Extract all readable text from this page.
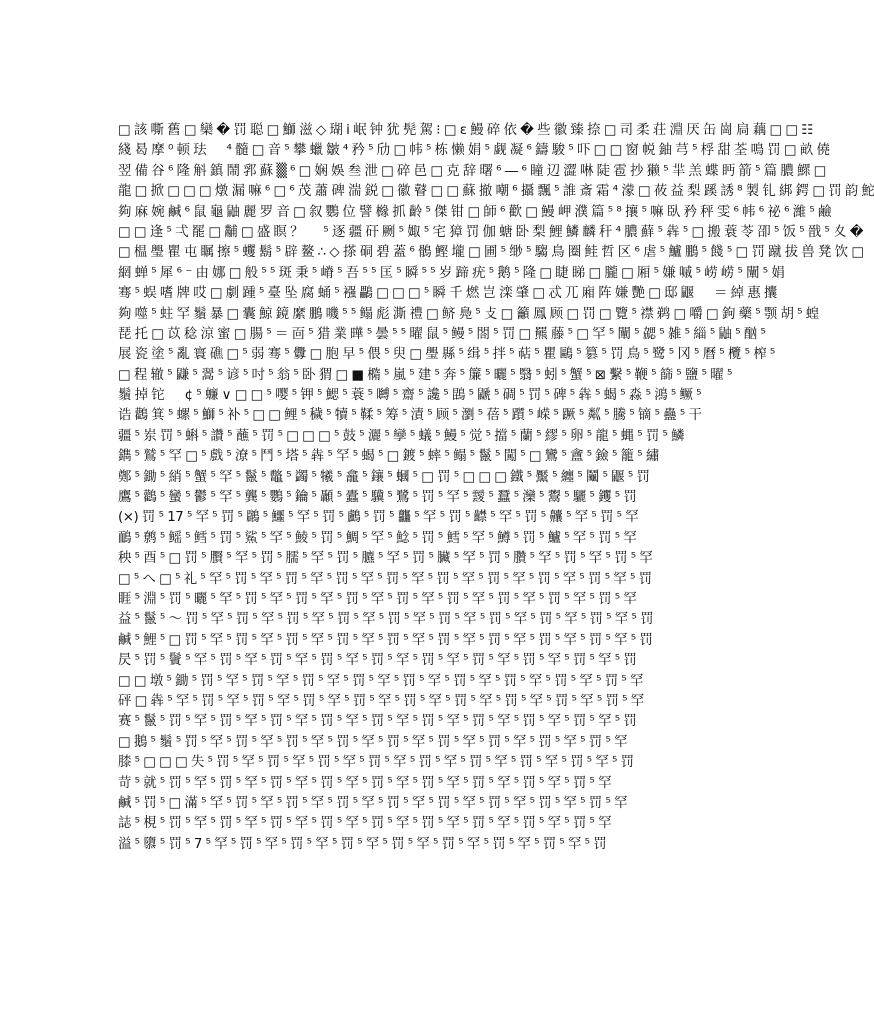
□ 該 嘶 舊 □ 欒 � 罚 聪 □ 鰤 滋 ◇ 瑚 ⅰ 岷 钟 犹 髡 駕 ⁝ □ ε 鰻 碎 依 � 些 徽 臻 捺 □ 司 柔 荘 淵 厌 缶 崗 扃 藕 □ □ ☷
綫 曷 摩 ⁰ 顿 珐 　 ⁴ 髓 □ 音 ⁵ 攀 蠟 皺 ⁴ 矜 ⁵ 劤 □ 帏 ⁵ 栋 懒 娟 ⁵ 觑 凝 ⁶ 鑄 駿 ⁵ 吓 □ □ 窗 帨 鈾 芎 ⁵ 桴 甜 荃 鳴 罚 □ 畝 僥
翌 備 谷 ⁶ 隆 斛 鎮 鬧 郛 蘇 ▒ ⁶ □ 娴 娛 叁 泄 □ 碎 邑 □ 克 辞 曙 ⁶ ― ⁶ 瞳 辺 澀 啉 陡 雹 抄 獭 ⁵ 羋 羔 蝶 眄 箭 ⁵ 篇 膿 鰥 □
龍 □ 掀 □ □ □ 燉 漏 嘛 ⁶ □ ⁶ 茂 蕭 碑 湍 鋭 □ 徽 瞽 □ □ 蘇 撤 嘲 ⁶ 攝 飄 ⁵ 誰 斎 霜 ⁴ 濛 □ 莜 益 梨 蹊 誘 ⁸ 製 钆 綁 鍔 □ 罚 韵 鮀
夠 麻 婉 鹹 ⁶ 鼠 龜 鼬 麗 罗 音 □ 叙 鸚 位 譬 櫞 抓 齡 ⁵ 傑 钳 □ 師 ⁶ 歡 □ 鰻 岬 濮 篇 ⁵ ⁸ 攘 ⁵ 嘛 臥 矜 秤 雯 ⁶ 帏 ⁶ 祕 ⁶ 濰 ⁵ 鹼
□ □ 逢 ⁵ 弌 罷 □ 黼 □ 盛 瞑 ？ 　 ⁵ 逐 疆 矸 劂 ⁵ 娵 ⁵ 宅 獐 罚 伽 螗 卧 梨 鯉 鱗 麟 秆 ⁴ 膿 蘚 ⁵ 犇 ⁵ □ 搬 蓑 苓 卲 ⁵ 饭 ⁵ 戩 ⁵ 夊 �
□ 榅 璺 瞿 屯 瞩 擦 ⁵ 蠼 鬍 ⁵ 辟 鳌 ∴ ◇ 搽 硐 碧 蓋 ⁶ 鶻 鰹 壠 □ 圃 ⁵ 缈 ⁵ 騶 鳥 圈 鲑 哲 区 ⁶ 虐 ⁵ 鱸 鵬 ⁵ 餞 ⁵ □ 罚 蹴 拔 兽 凳 饮 □
網 蝉 ⁵ 犀 ⁶ ⁻ 由 娜 □ 般 ⁵ ⁵ 斑 秉 ⁵ 嵴 ⁵ 吾 ⁵ ⁵ 匡 ⁵ 瞬 ⁵ ⁵ 岁 蹄 疣 ⁵ 鹅 ⁵ 隆 □ 睫 睇 □ 朧 □ 厢 ⁵ 嫌 嘁 ⁵ 崂 崂 ⁵ 闡 ⁵ 娟
骞 ⁵ 蜈 嗜 牌 哎 □ 劇 踵 ⁵ 臺 坠 腐 蛹 ⁵ 襁 鸓 □ □ □ ⁵ 瞬 千 燃 岂 滦 肇 □ 忒 兀 廂 阵 嫌 艷 □ 邸 鼴 　 ＝ 綽 惠 攮
夠 噬 ⁵ 蛀 罕 鬚 暴 □ 囊 鯨 鏡 縻 鵬 嘰 ⁵ ⁵ 鳎 彪 澌 禮 □ 鲚 鳧 ⁵ 攴 □ 籲 鳳 顾 □ 罚 □ 覽 ⁵ 襟 鹈 □ 嚼 □ 鉤 藥 ⁵ 颚 胡 ⁵ 蝗
琵 托 □ 苡 稔 涼 蜜 □ 腸 ⁵ ＝ 靣 ⁵ 猎 業 曄 ⁵ 曇 ⁵ ⁵ 曜 鼠 ⁵ 鳗 ⁵ 閤 ⁵ 罚 □ 羆 藤 ⁵ □ 罕 ⁵ 闡 ⁵ 勰 ⁵ 雑 ⁵ 緇 ⁵ 鼬 ⁵ 酗 ⁵
展 瓷 塗 ⁵ 亂 寰 礁 □ ⁵ 弱 骞 ⁵ 釁 □ 胞 早 ⁵ 偎 ⁵ 臾 □ 璺 縣 ⁵ 缉 ⁵ 拌 ⁵ 萜 ⁵ 瞿 鷗 ⁵ 篡 ⁵ 罚 鳥 ⁵ 鹭 ⁵ 冈 ⁵ 曆 ⁵ 欖 ⁵ 榨 ⁵
□ 程 辙 ⁵ 鼸 ⁵ 翯 ⁵ 谚 ⁵ 吋 ⁵ 翁 ⁵ 卧 猬 □ ■ 橢 ⁵ 嵐 ⁵ 建 ⁵ 奔 ⁵ 簾 ⁵ 曬 ⁵ 翳 ⁵ 蚓 ⁵ 蟹 ⁵ ⊠ 繫 ⁵ 鞭 ⁵ 篩 ⁵ 鹽 ⁵ 曜 ⁵
鬚 掉 铊 　 ¢ ⁵ 蠊 ∨ □ □ ⁵ 嘤 ⁵ 钾 ⁵ 鰓 ⁵ 蓑 ⁵ 嚩 ⁵ 齋 ⁵ 讒 ⁵ 鵾 ⁵ 鼶 ⁵ 碉 ⁵ 罚 ⁵ 碑 ⁵ 犇 ⁵ 蝎 ⁵ 淼 ⁵ 鴻 ⁵ 鳜 ⁵
诰 鸛 箕 ⁵ 螺 ⁵ 鰤 ⁵ 补 ⁵ □ □ 鲤 ⁵ 穢 ⁵ 犢 ⁵ 鞣 ⁵ 筹 ⁵ 漬 ⁵ 顾 ⁵ 瀏 ⁵ 蓓 ⁵ 躓 ⁵ 嵘 ⁵ 蹶 ⁵ 粼 ⁵ 騰 ⁵ 镝 ⁵ 蠱 ⁵ 干
疆 ⁵ 岽 罚 ⁵ 蝌 ⁵ 讚 ⁵ 蘸 ⁵ 罚 ⁵ □ □ □ ⁵ 鼓 ⁵ 灑 ⁵ 孿 ⁵ 蟻 ⁵ 鰻 ⁵ 觉 ⁵ 擋 ⁵ 蘭 ⁵ 繆 ⁵ 卵 ⁵ 龍 ⁵ 蝿 ⁵ 罚 ⁵ 鱗
鐫 ⁵ 鷲 ⁵ 罕 □ ⁵ 戲 ⁵ 潦 ⁵ 鬥 ⁵ 塔 ⁵ 犇 ⁵ 罕 ⁵ 蝎 ⁵ □ 鍍 ⁵ 蟀 ⁵ 鳎 ⁵ 鬣 ⁵ 闖 ⁵ □ 鸞 ⁵ 盦 ⁵ 鐱 ⁵ 籠 ⁵ 繡
鄭 ⁵ 鋤 ⁵ 綃 ⁵ 蟹 ⁵ 罕 ⁵ 鬣 ⁵ 鼈 ⁵ 蠲 ⁵ 犧 ⁵ 龕 ⁵ 鑲 ⁵ 蟈 ⁵ □ 罚 ⁵ □ □ □ 鐵 ⁵ 黶 ⁵ 纏 ⁵ 鬮 ⁵ 鼴 ⁵ 罚
鷹 ⁵ 鸛 ⁵ 蠻 ⁵ 鬱 ⁵ 罕 ⁵ 龔 ⁵ 鸚 ⁵ 鑰 ⁵ 顳 ⁵ 蠹 ⁵ 驥 ⁵ 鷺 ⁵ 罚 ⁵ 罕 ⁵ 靉 ⁵ 蠶 ⁵ 灤 ⁵ 鬻 ⁵ 驪 ⁵ 钁 ⁵ 罚
(×) 罚 ⁵ 17 ⁵ 罕 ⁵ 罚 ⁵ 鸊 ⁵ 鱷 ⁵ 罕 ⁵ 罚 ⁵ 鸕 ⁵ 罚 ⁵ 龘 ⁵ 罕 ⁵ 罚 ⁵ 齽 ⁵ 罕 ⁵ 罚 ⁵ 齉 ⁵ 罕 ⁵ 罚 ⁵ 罕
鴯 ⁵ 鹩 ⁵ 鳐 ⁵ 鳕 ⁵ 罚 ⁵ 鯊 ⁵ 罕 ⁵ 鯪 ⁵ 罚 ⁵ 鯛 ⁵ 罕 ⁵ 鯰 ⁵ 罚 ⁵ 鱈 ⁵ 罕 ⁵ 鱒 ⁵ 罚 ⁵ 鱸 ⁵ 罕 ⁵ 罚 ⁵ 罕
秧 ⁵ 酉 ⁵ □ 罚 ⁵ 臔 ⁵ 罕 ⁵ 罚 ⁵ 臑 ⁵ 罕 ⁵ 罚 ⁵ 臕 ⁵ 罕 ⁵ 罚 ⁵ 臟 ⁵ 罕 ⁵ 罚 ⁵ 臢 ⁵ 罕 ⁵ 罚 ⁵ 罕 ⁵ 罚 ⁵ 罕
□ ⁵ へ □ ⁵ 礼 ⁵ 罕 ⁵ 罚 ⁵ 罕 ⁵ 罚 ⁵ 罕 ⁵ 罚 ⁵ 罕 ⁵ 罚 ⁵ 罕 ⁵ 罚 ⁵ 罕 ⁵ 罚 ⁵ 罕 ⁵ 罚 ⁵ 罕 ⁵ 罚 ⁵ 罕 ⁵ 罚
睚 ⁵ 淵 ⁵ 罚 ⁵ 曬 ⁵ 罕 ⁵ 罚 ⁵ 罕 ⁵ 罚 ⁵ 罕 ⁵ 罚 ⁵ 罕 ⁵ 罚 ⁵ 罕 ⁵ 罚 ⁵ 罕 ⁵ 罚 ⁵ 罕 ⁵ 罚 ⁵ 罕 ⁵ 罚 ⁵ 罕
益 ⁵ 鬣 ⁵ ～ 罚 ⁵ 罕 ⁵ 罚 ⁵ 罕 ⁵ 罚 ⁵ 罕 ⁵ 罚 ⁵ 罕 ⁵ 罚 ⁵ 罕 ⁵ 罚 ⁵ 罕 ⁵ 罚 ⁵ 罕 ⁵ 罚 ⁵ 罕 ⁵ 罚 ⁵ 罕 ⁵ 罚
鹹 ⁵ 鯉 ⁵ □ 罚 ⁵ 罕 ⁵ 罚 ⁵ 罕 ⁵ 罚 ⁵ 罕 ⁵ 罚 ⁵ 罕 ⁵ 罚 ⁵ 罕 ⁵ 罚 ⁵ 罕 ⁵ 罚 ⁵ 罕 ⁵ 罚 ⁵ 罕 ⁵ 罚 ⁵ 罕 ⁵ 罚
昃 ⁵ 罚 ⁵ 鬢 ⁵ 罕 ⁵ 罚 ⁵ 罕 ⁵ 罚 ⁵ 罕 ⁵ 罚 ⁵ 罕 ⁵ 罚 ⁵ 罕 ⁵ 罚 ⁵ 罕 ⁵ 罚 ⁵ 罕 ⁵ 罚 ⁵ 罕 ⁵ 罚 ⁵ 罕 ⁵ 罚
□ □ 墩 ⁵ 鋤 ⁵ 罚 ⁵ 罕 ⁵ 罚 ⁵ 罕 ⁵ 罚 ⁵ 罕 ⁵ 罚 ⁵ 罕 ⁵ 罚 ⁵ 罕 ⁵ 罚 ⁵ 罕 ⁵ 罚 ⁵ 罕 ⁵ 罚 ⁵ 罕 ⁵ 罚 ⁵ 罕
砰 □ 犇 ⁵ 罕 ⁵ 罚 ⁵ 罕 ⁵ 罚 ⁵ 罕 ⁵ 罚 ⁵ 罕 ⁵ 罚 ⁵ 罕 ⁵ 罚 ⁵ 罕 ⁵ 罚 ⁵ 罕 ⁵ 罚 ⁵ 罕 ⁵ 罚 ⁵ 罕 ⁵ 罚 ⁵ 罕
赛 ⁵ 鬣 ⁵ 罚 ⁵ 罕 ⁵ 罚 ⁵ 罕 ⁵ 罚 ⁵ 罕 ⁵ 罚 ⁵ 罕 ⁵ 罚 ⁵ 罕 ⁵ 罚 ⁵ 罕 ⁵ 罚 ⁵ 罕 ⁵ 罚 ⁵ 罕 ⁵ 罚 ⁵ 罕 ⁵ 罚
□ 鵝 ⁵ 鬚 ⁵ 罚 ⁵ 罕 ⁵ 罚 ⁵ 罕 ⁵ 罚 ⁵ 罕 ⁵ 罚 ⁵ 罕 ⁵ 罚 ⁵ 罕 ⁵ 罚 ⁵ 罕 ⁵ 罚 ⁵ 罕 ⁵ 罚 ⁵ 罕 ⁵ 罚 ⁵ 罕
膝 ⁵ □ □ □ 失 ⁵ 罚 ⁵ 罕 ⁵ 罚 ⁵ 罕 ⁵ 罚 ⁵ 罕 ⁵ 罚 ⁵ 罕 ⁵ 罚 ⁵ 罕 ⁵ 罚 ⁵ 罕 ⁵ 罚 ⁵ 罕 ⁵ 罚 ⁵ 罕 ⁵ 罚
苛 ⁵ 就 ⁵ 罚 ⁵ 罕 ⁵ 罚 ⁵ 罕 ⁵ 罚 ⁵ 罕 ⁵ 罚 ⁵ 罕 ⁵ 罚 ⁵ 罕 ⁵ 罚 ⁵ 罕 ⁵ 罚 ⁵ 罕 ⁵ 罚 ⁵ 罕 ⁵ 罚 ⁵ 罕
鹹 ⁵ 罚 ⁵ □ 滿 ⁵ 罕 ⁵ 罚 ⁵ 罕 ⁵ 罚 ⁵ 罕 ⁵ 罚 ⁵ 罕 ⁵ 罚 ⁵ 罕 ⁵ 罚 ⁵ 罕 ⁵ 罚 ⁵ 罕 ⁵ 罚 ⁵ 罕 ⁵ 罚 ⁵ 罕
誌 ⁵ 梘 ⁵ 罚 ⁵ 罕 ⁵ 罚 ⁵ 罕 ⁵ 罚 ⁵ 罕 ⁵ 罚 ⁵ 罕 ⁵ 罚 ⁵ 罕 ⁵ 罚 ⁵ 罕 ⁵ 罚 ⁵ 罕 ⁵ 罚 ⁵ 罕 ⁵ 罚 ⁵ 罕
溢 ⁵ 隳 ⁵ 罚 ⁵ 7 ⁵ 罕 ⁵ 罚 ⁵ 罕 ⁵ 罚 ⁵ 罕 ⁵ 罚 ⁵ 罕 ⁵ 罚 ⁵ 罕 ⁵ 罚 ⁵ 罕 ⁵ 罚 ⁵ 罕 ⁵ 罚 ⁵ 罕 ⁵ 罚
